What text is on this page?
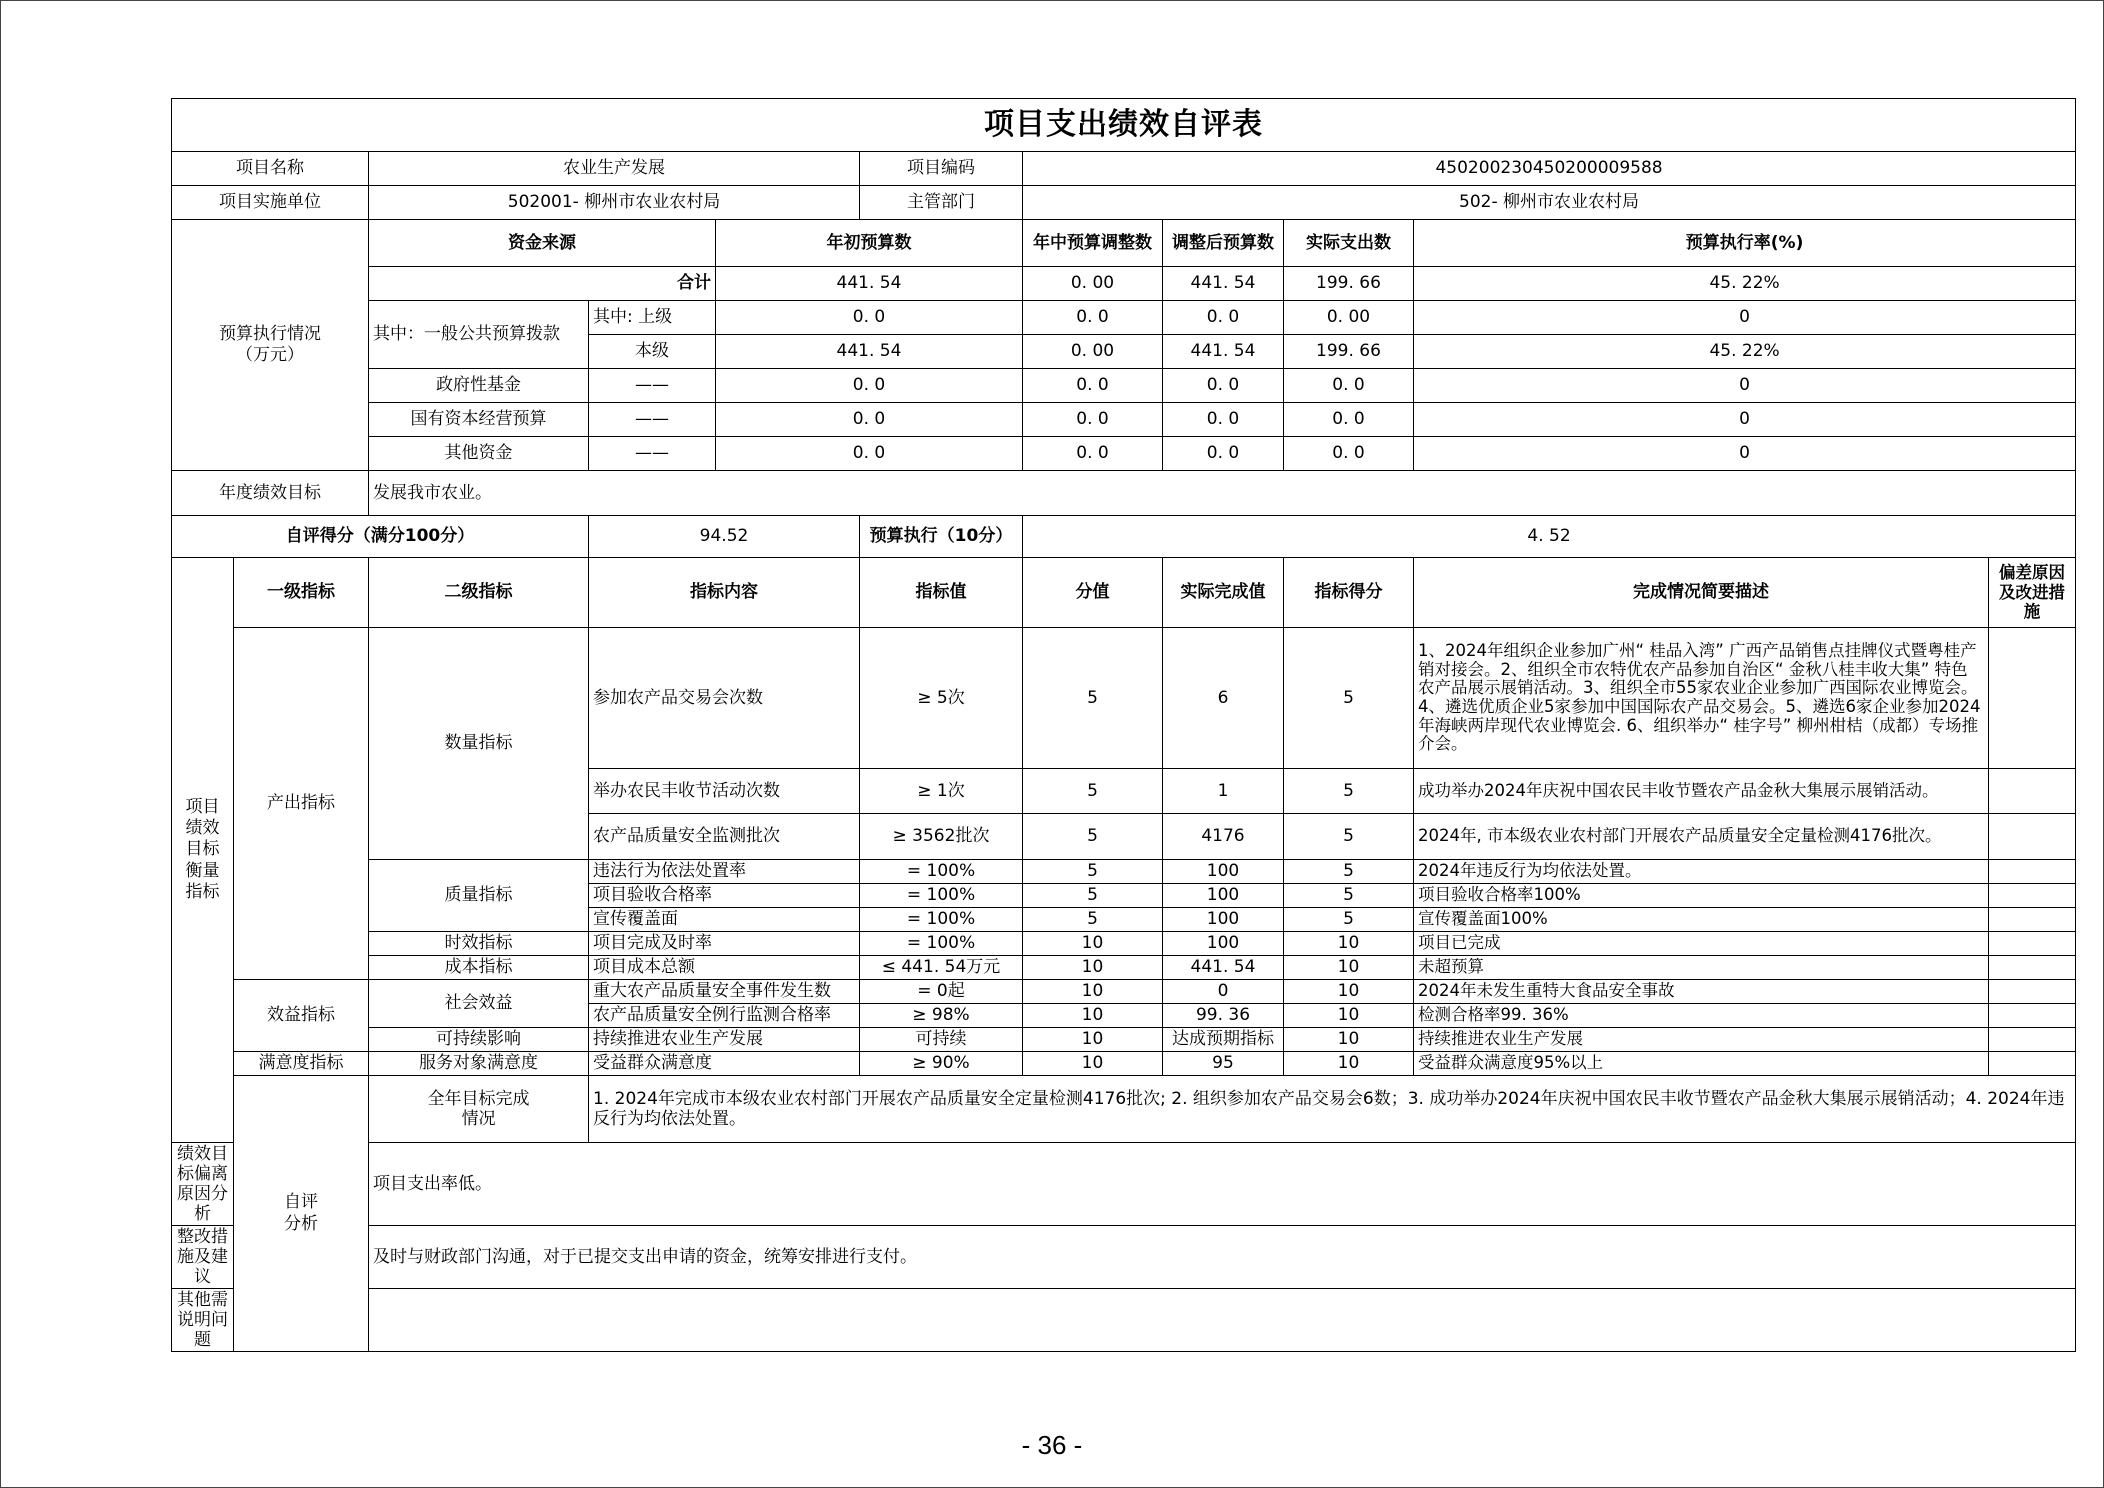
项目支出绩效自评表										
项目名称		农业生产发展			项目编码	450200230450200009588				
项目实施单位		502001- 柳州市农业农村局			主管部门	502- 柳州市农业农村局				
预算执行情况
（万元）		资金来源		年初预算数		年中预算调整数	调整后预算数	实际支出数	预算执行率(%)	
		合计		441. 54		0. 00	441. 54	199. 66	45. 22%	
		其中：一般公共预算拨款	其中: 上级	0. 0		0. 0	0. 0	0. 00	0	
			本级	441. 54		0. 00	441. 54	199. 66	45. 22%	
		政府性基金	——	0. 0		0. 0	0. 0	0. 0	0	
		国有资本经营预算	——	0. 0		0. 0	0. 0	0. 0	0	
		其他资金	——	0. 0		0. 0	0. 0	0. 0	0	
年度绩效目标		发展我市农业。								
自评得分（满分100分）			94.52		预算执行（10分）	4. 52				
项目
绩效
目标
衡量
指标	一级指标	二级指标	指标内容		指标值	分值	实际完成值	指标得分	完成情况简要描述	偏差原因
及改进措
施
	产出指标	数量指标	参加农产品交易会次数		≥ 5次	5	6	5	1、2024年组织企业参加广州“ 桂品入湾” 广西产品销售点挂牌仪式暨粤桂产销对接会。2、组织全市农特优农产品参加自治区“ 金秋八桂丰收大集” 特色农产品展示展销活动。3、组织全市55家农业企业参加广西国际农业博览会。4、遴选优质企业5家参加中国国际农产品交易会。5、遴选6家企业参加2024年海峡两岸现代农业博览会. 6、组织举办“ 桂字号” 柳州柑桔（成都）专场推介会。	
			举办农民丰收节活动次数		≥ 1次	5	1	5	成功举办2024年庆祝中国农民丰收节暨农产品金秋大集展示展销活动。	
			农产品质量安全监测批次		≥ 3562批次	5	4176	5	2024年, 市本级农业农村部门开展农产品质量安全定量检测4176批次。	
		质量指标	违法行为依法处置率		= 100%	5	100	5	2024年违反行为均依法处置。	
			项目验收合格率		= 100%	5	100	5	项目验收合格率100%	
			宣传覆盖面		= 100%	5	100	5	宣传覆盖面100%	
		时效指标	项目完成及时率		= 100%	10	100	10	项目已完成	
		成本指标	项目成本总额		≤ 441. 54万元	10	441. 54	10	未超预算	
	效益指标	社会效益	重大农产品质量安全事件发生数		= 0起	10	0	10	2024年未发生重特大食品安全事故	
			农产品质量安全例行监测合格率		≥ 98%	10	99. 36	10	检测合格率99. 36%	
		可持续影响	持续推进农业生产发展		可持续	10	达成预期指标	10	持续推进农业生产发展	
	满意度指标	服务对象满意度	受益群众满意度		≥ 90%	10	95	10	受益群众满意度95%以上	
	自评
分析	全年目标完成
情况	1. 2024年完成市本级农业农村部门开展农产品质量安全定量检测4176批次; 2. 组织参加农产品交易会6数；3. 成功举办2024年庆祝中国农民丰收节暨农产品金秋大集展示展销活动；4. 2024年违反行为均依法处置。							
绩效目标偏离
原因分析		项目支出率低。								
整改措施及建
议		及时与财政部门沟通，对于已提交支出申请的资金，统筹安排进行支付。								
其他需说明问
题										
- 36 -
